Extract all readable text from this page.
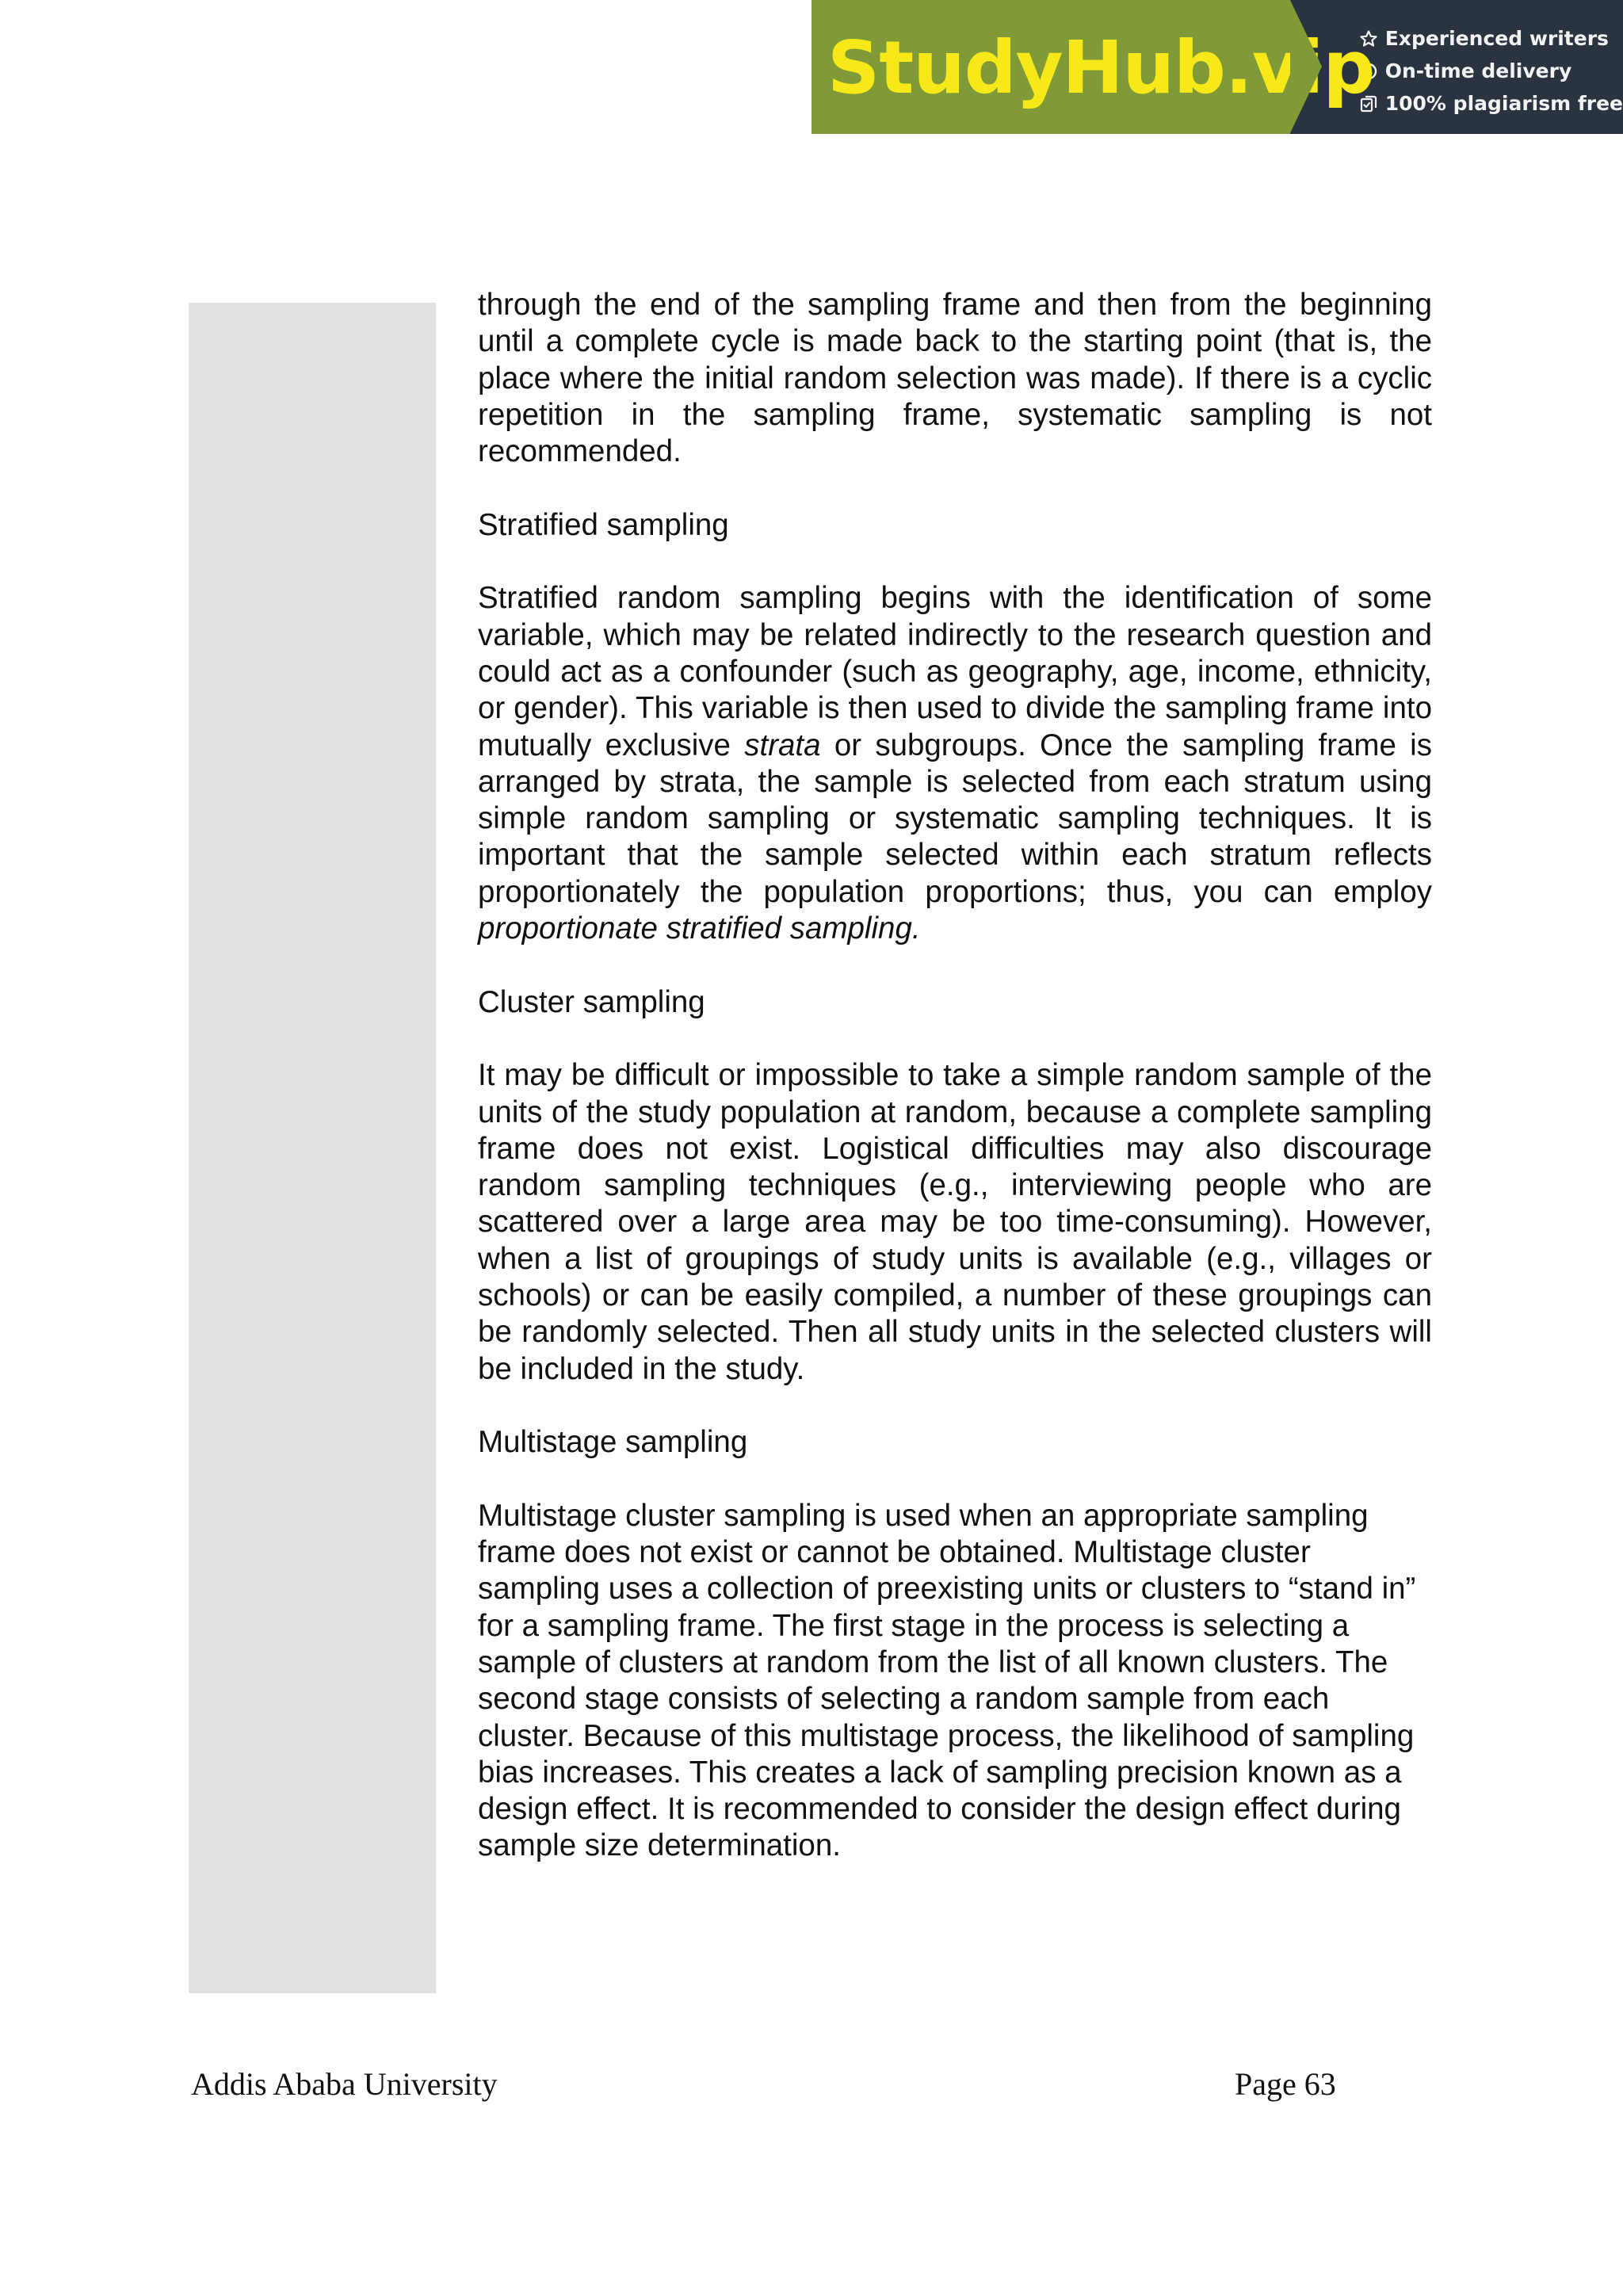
StudyHub.vip Experienced writers
On-time delivery
100% plagiarism free

through the end of the sampling frame and then from the beginning until a complete cycle is made back to the starting point (that is, the place where the initial random selection was made). If there is a cyclic repetition in the sampling frame, systematic sampling is not recommended.

Stratified sampling

Stratified random sampling begins with the identification of some variable, which may be related indirectly to the research question and could act as a confounder (such as geography, age, income, ethnicity, or gender). This variable is then used to divide the sampling frame into mutually exclusive strata or subgroups. Once the sampling frame is arranged by strata, the sample is selected from each stratum using simple random sampling or systematic sampling techniques. It is important that the sample selected within each stratum reflects proportionately the population proportions; thus, you can employ proportionate stratified sampling.

Cluster sampling

It may be difficult or impossible to take a simple random sample of the units of the study population at random, because a complete sampling frame does not exist. Logistical difficulties may also discourage random sampling techniques (e.g., interviewing people who are scattered over a large area may be too time-consuming). However, when a list of groupings of study units is available (e.g., villages or schools) or can be easily compiled, a number of these groupings can be randomly selected. Then all study units in the selected clusters will be included in the study.

Multistage sampling

Multistage cluster sampling is used when an appropriate sampling frame does not exist or cannot be obtained. Multistage cluster sampling uses a collection of preexisting units or clusters to “stand in” for a sampling frame. The first stage in the process is selecting a sample of clusters at random from the list of all known clusters. The second stage consists of selecting a random sample from each cluster. Because of this multistage process, the likelihood of sampling bias increases. This creates a lack of sampling precision known as a design effect. It is recommended to consider the design effect during sample size determination.

Addis Ababa University	Page 63
